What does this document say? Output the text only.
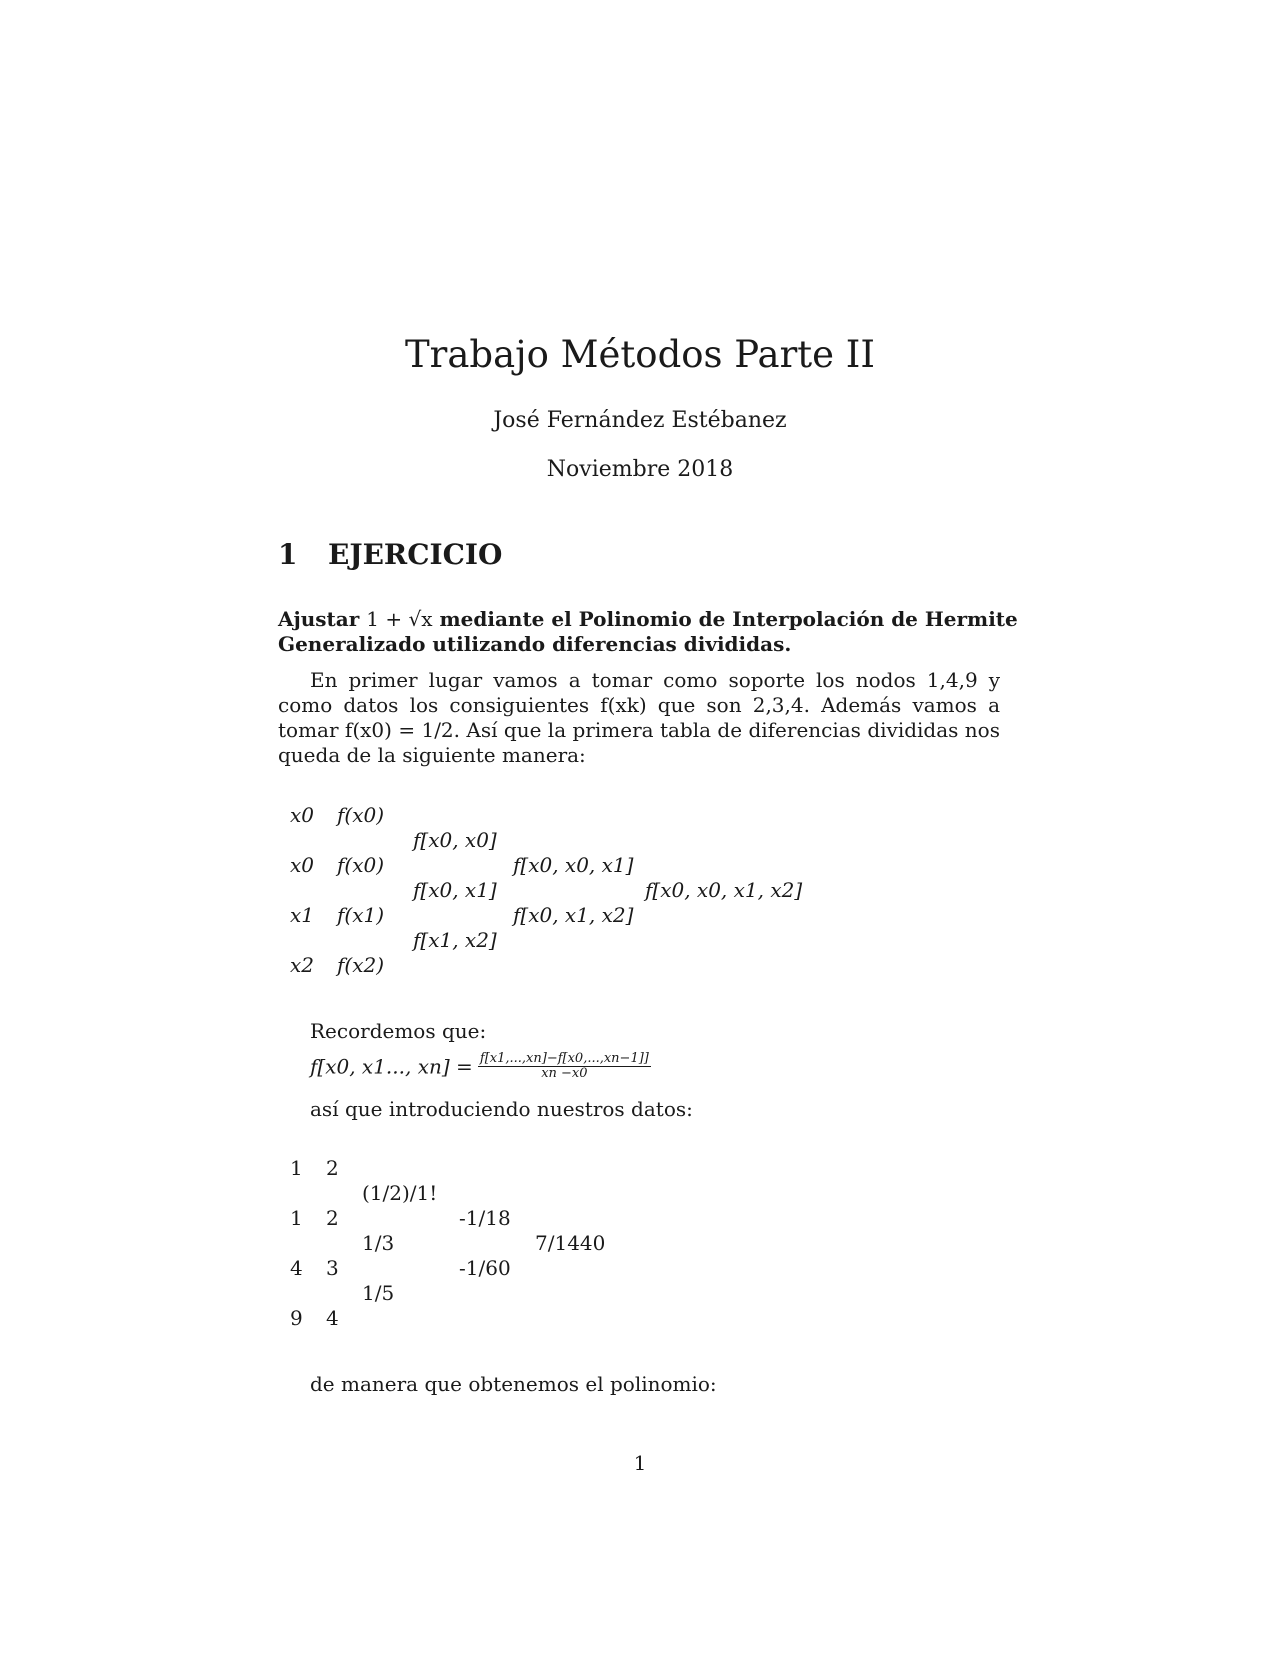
Trabajo Métodos Parte II
José Fernández Estébanez
Noviembre 2018
1 EJERCICIO
Ajustar 1 + √x mediante el Polinomio de Interpolación de Hermite
Generalizado utilizando diferencias divididas.
En primer lugar vamos a tomar como soporte los nodos 1,4,9 y como datos los consiguientes f(xk) que son 2,3,4. Además vamos a tomar f(x0) = 1/2. Así que la primera tabla de diferencias divididas nos queda de la siguiente manera:
x0
x0
x1
x2
f(x0)
f(x0)
f(x1)
f(x2)
f[x0, x0]
f[x0, x1]
f[x1, x2]
f[x0, x0, x1]
f[x0, x1, x2]
f[x0, x0, x1, x2]
Recordemos que:
f[x0, x1..., $xn] = \frac{f[x1,...,xn]-f[x0,...,xn-1]]}{xn -x0}$
así que introduciendo nuestros datos:
1
1
4
9
2
2
3
4
(1/2)/1!
1/3
1/5
-1/18
-1/60
7/1440
de manera que obtenemos el polinomio:
1
